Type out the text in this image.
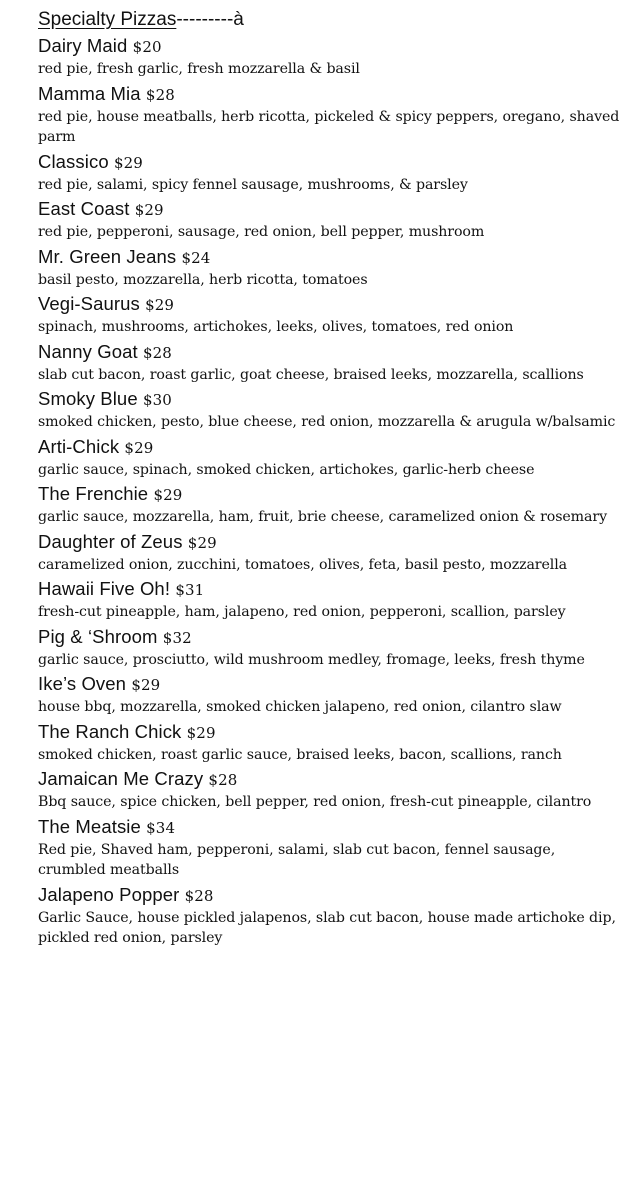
Specialty Pizzas---------à
Dairy Maid $20
red pie, fresh garlic, fresh mozzarella & basil
Mamma Mia $28
red pie, house meatballs, herb ricotta, pickeled & spicy peppers, oregano, shaved parm
Classico $29
red pie, salami, spicy fennel sausage, mushrooms, & parsley
East Coast $29
red pie, pepperoni, sausage, red onion, bell pepper, mushroom
Mr. Green Jeans $24
basil pesto, mozzarella, herb ricotta, tomatoes
Vegi-Saurus $29
spinach, mushrooms, artichokes, leeks, olives, tomatoes, red onion
Nanny Goat $28
slab cut bacon, roast garlic, goat cheese, braised leeks, mozzarella, scallions
Smoky Blue $30
smoked chicken, pesto, blue cheese, red onion, mozzarella & arugula w/balsamic
Arti-Chick $29
garlic sauce, spinach, smoked chicken, artichokes, garlic-herb cheese
The Frenchie $29
garlic sauce, mozzarella, ham, fruit, brie cheese, caramelized onion & rosemary
Daughter of Zeus $29
caramelized onion, zucchini, tomatoes, olives, feta, basil pesto, mozzarella
Hawaii Five Oh! $31
fresh-cut pineapple, ham, jalapeno, red onion, pepperoni, scallion, parsley
Pig & ‘Shroom $32
garlic sauce, prosciutto, wild mushroom medley, fromage, leeks, fresh thyme
Ike’s Oven $29
house bbq, mozzarella, smoked chicken jalapeno, red onion, cilantro slaw
The Ranch Chick $29
smoked chicken, roast garlic sauce, braised leeks, bacon, scallions, ranch
Jamaican Me Crazy $28
Bbq sauce, spice chicken, bell pepper, red onion, fresh-cut pineapple, cilantro
The Meatsie $34
Red pie, Shaved ham, pepperoni, salami, slab cut bacon, fennel sausage, crumbled meatballs
Jalapeno Popper $28
Garlic Sauce, house pickled jalapenos, slab cut bacon, house made artichoke dip, pickled red onion, parsley
